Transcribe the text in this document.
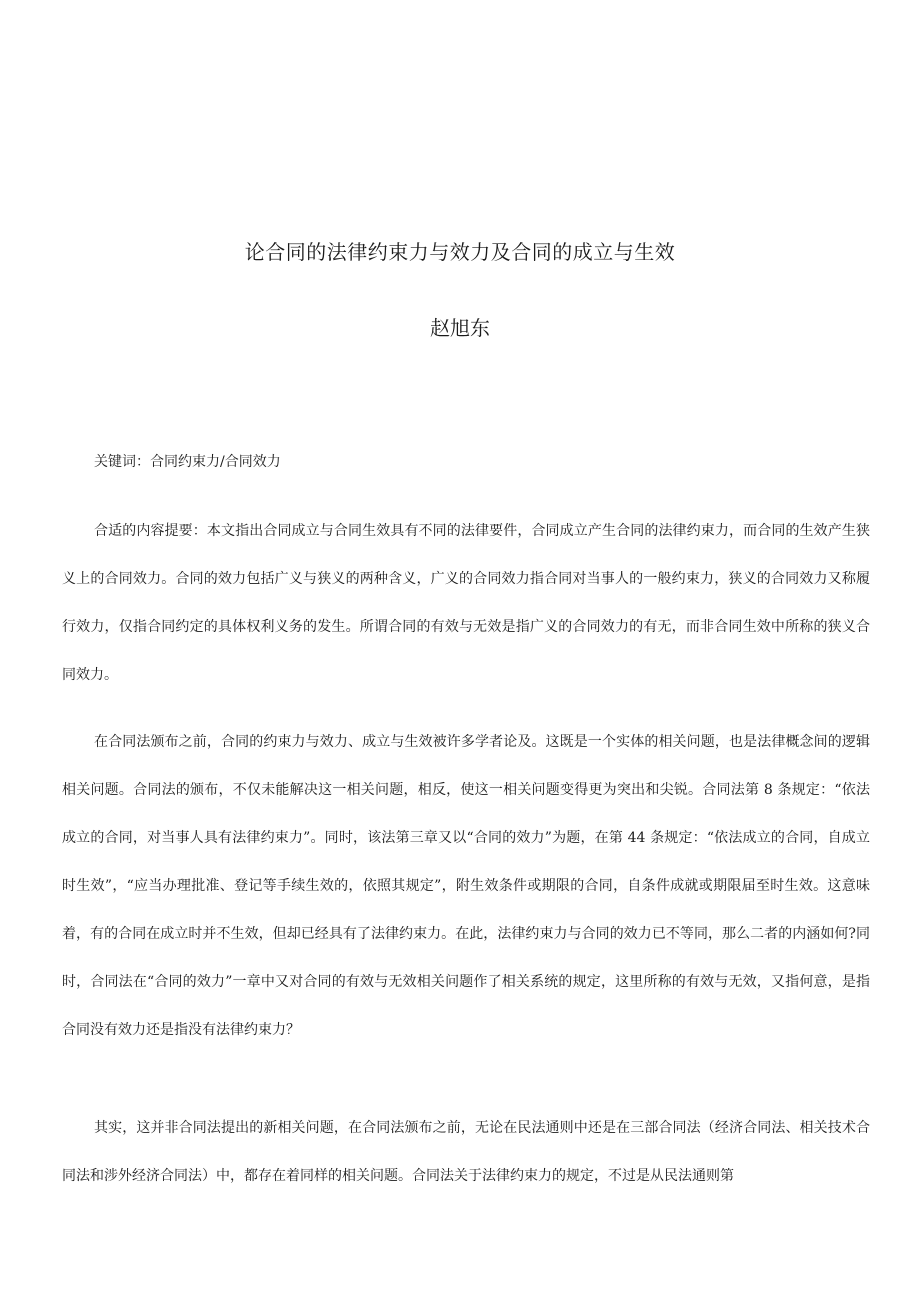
论合同的法律约束力与效力及合同的成立与生效
赵旭东

关键词：合同约束力/合同效力

合适的内容提要：本文指出合同成立与合同生效具有不同的法律要件，合同成立产生合同的法律约束力，而合同的生效产生狭义上的合同效力。合同的效力包括广义与狭义的两种含义，广义的合同效力指合同对当事人的一般约束力，狭义的合同效力又称履行效力，仅指合同约定的具体权利义务的发生。所谓合同的有效与无效是指广义的合同效力的有无，而非合同生效中所称的狭义合同效力。

在合同法颁布之前，合同的约束力与效力、成立与生效被许多学者论及。这既是一个实体的相关问题，也是法律概念间的逻辑相关问题。合同法的颁布，不仅未能解决这一相关问题，相反，使这一相关问题变得更为突出和尖锐。合同法第 8 条规定：“依法成立的合同，对当事人具有法律约束力”。同时，该法第三章又以“合同的效力”为题，在第 44 条规定：“依法成立的合同，自成立时生效”，“应当办理批准、登记等手续生效的，依照其规定”，附生效条件或期限的合同，自条件成就或期限届至时生效。这意味着，有的合同在成立时并不生效，但却已经具有了法律约束力。在此，法律约束力与合同的效力已不等同，那么二者的内涵如何?同时，合同法在“合同的效力”一章中又对合同的有效与无效相关问题作了相关系统的规定，这里所称的有效与无效，又指何意，是指合同没有效力还是指没有法律约束力？

其实，这并非合同法提出的新相关问题，在合同法颁布之前，无论在民法通则中还是在三部合同法（经济合同法、相关技术合同法和涉外经济合同法）中，都存在着同样的相关问题。合同法关于法律约束力的规定，不过是从民法通则第
